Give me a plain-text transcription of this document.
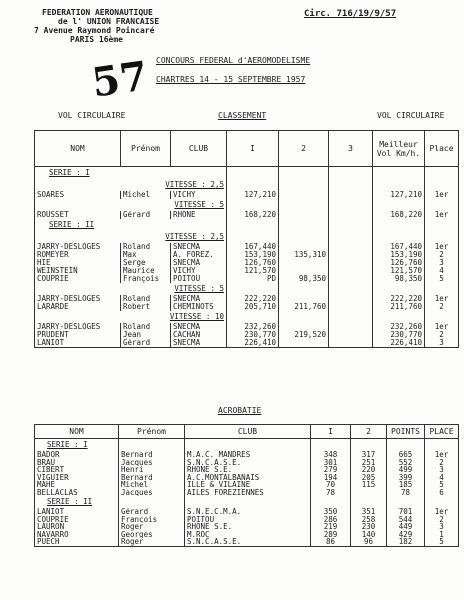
FEDERATION AERONAUTIQUE
de l' UNION FRANCAISE
7 Avenue Raymond Poincaré
PARIS 16ème
Circ. 716/19/9/57
57 CONCOURS FEDERAL d'AEROMODELISME
CHARTRES 14 - 15 SEPTEMBRE 1957
VOL CIRCULAIRE	CLASSEMENT	VOL CIRCULAIRE
NOM	Prénom	CLUB	I	2	3	Meilleur Vol Km/h.	Place
SERIE : I							
VITESSE : 2,5							
SOARES	Michel	VICHY	127,210			127,210	1er
VITESSE : 5							
ROUSSET	Gérard	RHONE	168,220			168,220	1er
SERIE : II							
VITESSE : 2,5							
JARRY-DESLOGES	Roland	SNECMA	167,440			167,440	1er
ROMEYER	Max	A. FOREZ.	153,190	135,310		153,190	2
HIE	Serge	SNECMA	126,760			126,760	3
WEINSTEIN	Maurice	VICHY	121,570			121,570	4
COUPRIE	François	POITOU	PD	98,350		98,350	5
VITESSE : 5							
JARRY-DESLOGES	Roland	SNECMA	222,220			222,220	1er
LARARDE	Robert	CHEMINOTS	205,710	211,760		211,760	2
VITESSE : 10							
JARRY-DESLOGES	Roland	SNECMA	232,260			232,260	1er
PRUDENT	Jean	CACHAN	230,770	219,520		230,770	2
LANIOT	Gérard	SNECMA	226,410			226,410	3
ACROBATIE
NOM	Prénom	CLUB	I	2	POINTS	PLACE
SERIE : I						
BADOR	Bernard	M.A.C. MANDRES	348	317	665	1er
BRAU	Jacques	S.N.C.A.S.E.	301	251	552	2
CIBERT	Henri	RHONE S.E.	279	220	499	3
VIGUIER	Bernard	A.C.MONTALBANAIS	194	205	399	4
MAHE	Michel	ILLE & VILAINE	70	115	185	5
BELLACLAS	Jacques	AILES FOREZIENNES	78		78	6
SERIE : II						
LANIOT	Gérard	S.N.E.C.M.A.	350	351	701	1er
COUPRIE	François	POITOU	286	258	544	2
LAURON	Roger	RHONE S.E.	219	230	449	3
NAVARRO	Georges	M.ROC	289	140	429	1
PUECH	Roger	S.N.C.A.S.E.	86	96	182	5
